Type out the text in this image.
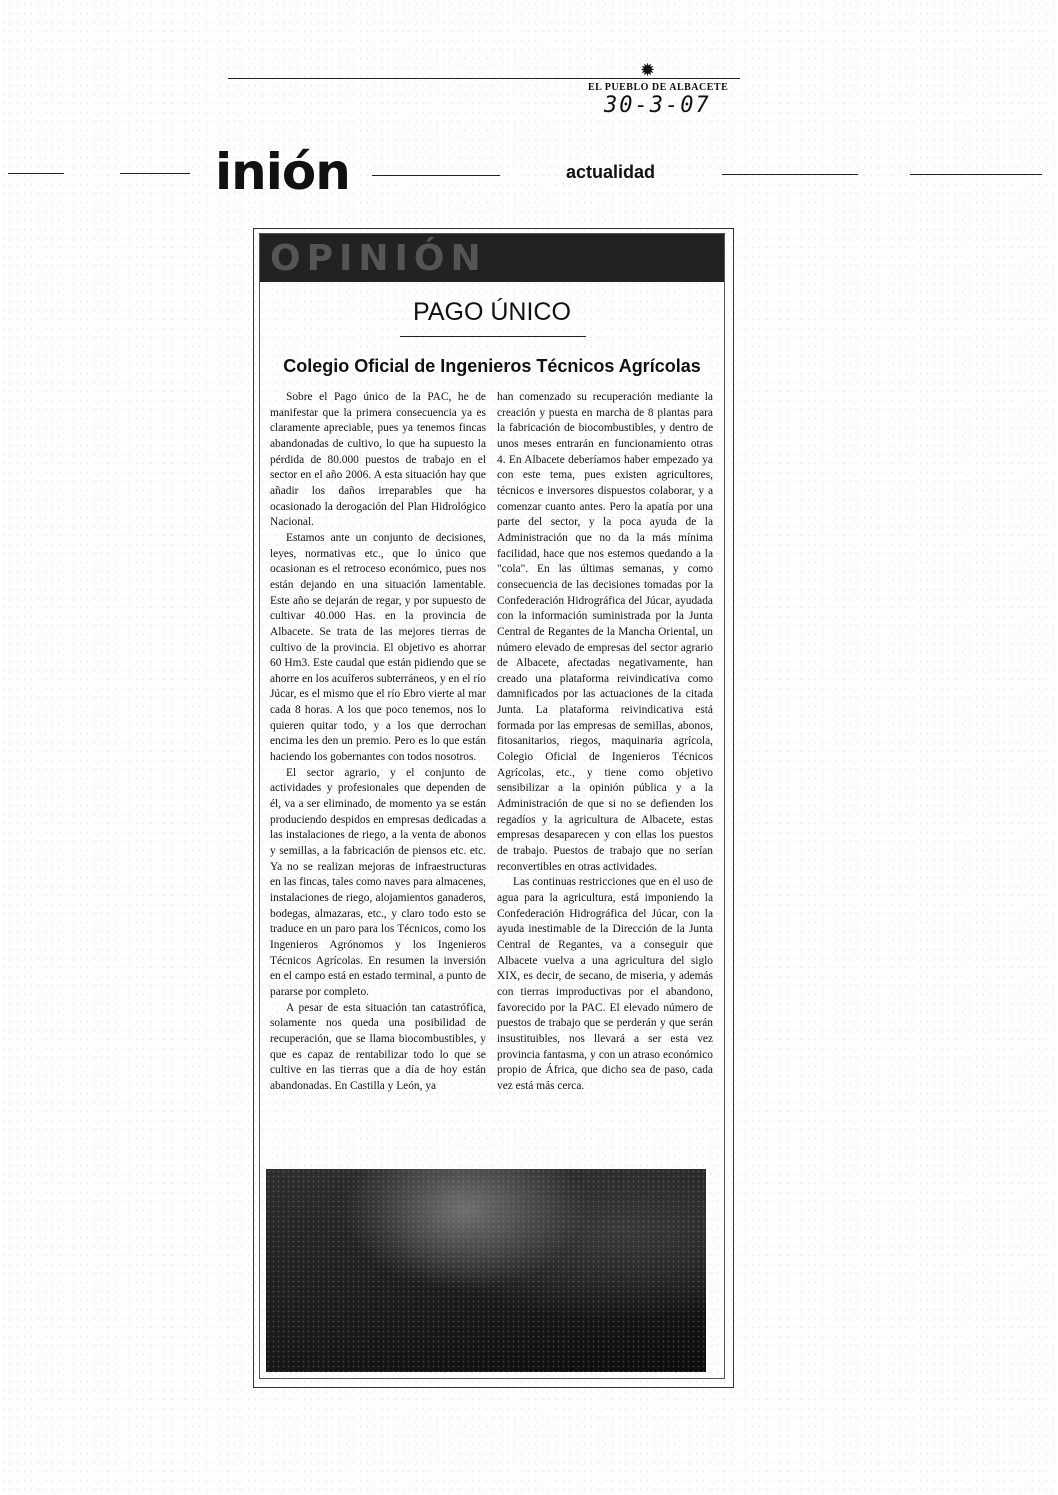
✹
EL PUEBLO DE ALBACETE
30-3-07
inión	actualidad
OPINIÓN
PAGO ÚNICO
Colegio Oficial de Ingenieros Técnicos Agrícolas

Sobre el Pago único de la PAC, he de manifestar que la primera consecuencia ya es claramente apreciable, pues ya tenemos fincas abandonadas de cultivo, lo que ha supuesto la pérdida de 80.000 puestos de trabajo en el sector en el año 2006. A esta situación hay que añadir los daños irreparables que ha ocasionado la derogación del Plan Hidrológico Nacional.

Estamos ante un conjunto de decisiones, leyes, normativas etc., que lo único que ocasionan es el retroceso económico, pues nos están dejando en una situación lamentable. Este año se dejarán de regar, y por supuesto de cultivar 40.000 Has. en la provincia de Albacete. Se trata de las mejores tierras de cultivo de la provincia. El objetivo es ahorrar 60 Hm3. Este caudal que están pidiendo que se ahorre en los acuíferos subterráneos, y en el río Júcar, es el mismo que el río Ebro vierte al mar cada 8 horas. A los que poco tenemos, nos lo quieren quitar todo, y a los que derrochan encima les den un premio. Pero es lo que están haciendo los gobernantes con todos nosotros.

El sector agrario, y el conjunto de actividades y profesionales que dependen de él, va a ser eliminado, de momento ya se están produciendo despidos en empresas dedicadas a las instalaciones de riego, a la venta de abonos y semillas, a la fabricación de piensos etc. etc. Ya no se realizan mejoras de infraestructuras en las fincas, tales como naves para almacenes, instalaciones de riego, alojamientos ganaderos, bodegas, almazaras, etc., y claro todo esto se traduce en un paro para los Técnicos, como los Ingenieros Agrónomos y los Ingenieros Técnicos Agrícolas. En resumen la inversión en el campo está en estado terminal, a punto de pararse por completo.

A pesar de esta situación tan catastrófica, solamente nos queda una posibilidad de recuperación, que se llama biocombustibles, y que es capaz de rentabilizar todo lo que se cultive en las tierras que a día de hoy están abandonadas. En Castilla y León, ya

han comenzado su recuperación mediante la creación y puesta en marcha de 8 plantas para la fabricación de biocombustibles, y dentro de unos meses entrarán en funcionamiento otras 4. En Albacete deberíamos haber empezado ya con este tema, pues existen agricultores, técnicos e inversores dispuestos colaborar, y a comenzar cuanto antes. Pero la apatía por una parte del sector, y la poca ayuda de la Administración que no da la más mínima facilidad, hace que nos estemos quedando a la "cola". En las últimas semanas, y como consecuencia de las decisiones tomadas por la Confederación Hidrográfica del Júcar, ayudada con la información suministrada por la Junta Central de Regantes de la Mancha Oriental, un número elevado de empresas del sector agrario de Albacete, afectadas negativamente, han creado una plataforma reivindicativa como damnificados por las actuaciones de la citada Junta. La plataforma reivindicativa está formada por las empresas de semillas, abonos, fitosanitarios, riegos, maquinaria agrícola, Colegio Oficial de Ingenieros Técnicos Agrícolas, etc., y tiene como objetivo sensibilizar a la opinión pública y a la Administración de que si no se defienden los regadíos y la agricultura de Albacete, estas empresas desaparecen y con ellas los puestos de trabajo. Puestos de trabajo que no serían reconvertibles en otras actividades.

Las continuas restricciones que en el uso de agua para la agricultura, está imponiendo la Confederación Hidrográfica del Júcar, con la ayuda inestimable de la Dirección de la Junta Central de Regantes, va a conseguir que Albacete vuelva a una agricultura del siglo XIX, es decir, de secano, de miseria, y además con tierras improductivas por el abandono, favorecido por la PAC. El elevado número de puestos de trabajo que se perderán y que serán insustituibles, nos llevará a ser esta vez provincia fantasma, y con un atraso económico propio de África, que dicho sea de paso, cada vez está más cerca.
